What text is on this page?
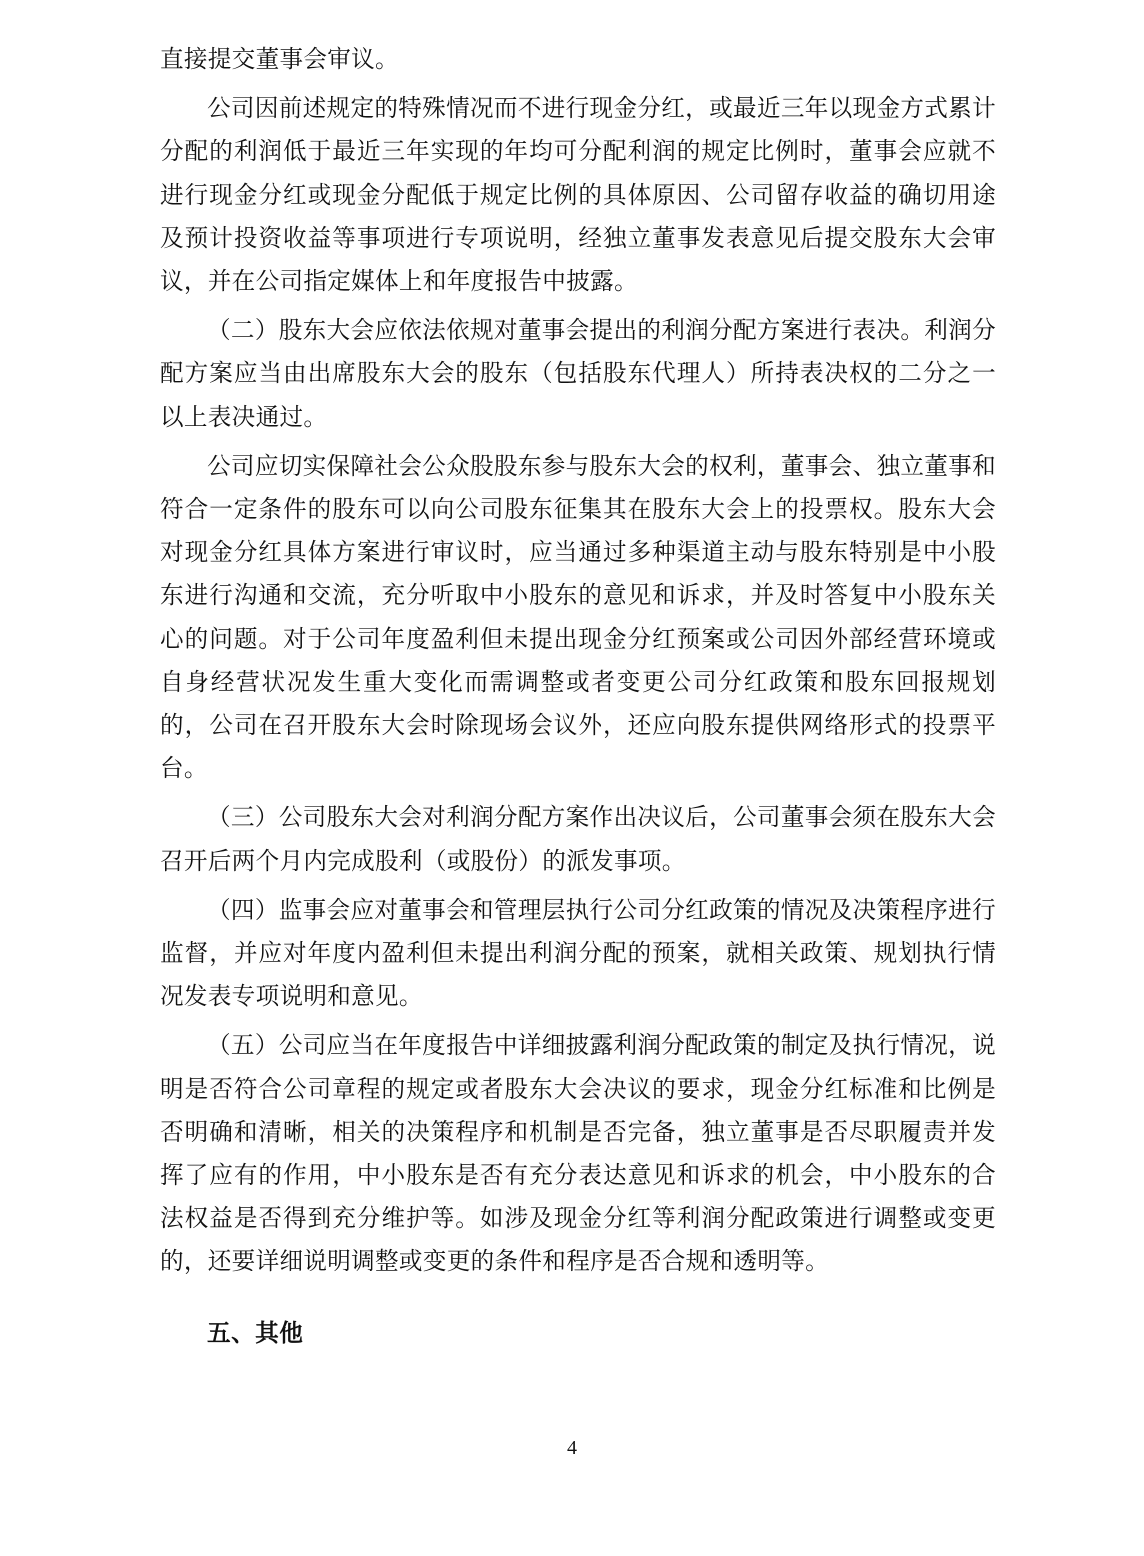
直接提交董事会审议。

公司因前述规定的特殊情况而不进行现金分红，或最近三年以现金方式累计分配的利润低于最近三年实现的年均可分配利润的规定比例时，董事会应就不进行现金分红或现金分配低于规定比例的具体原因、公司留存收益的确切用途及预计投资收益等事项进行专项说明，经独立董事发表意见后提交股东大会审议，并在公司指定媒体上和年度报告中披露。

（二）股东大会应依法依规对董事会提出的利润分配方案进行表决。利润分配方案应当由出席股东大会的股东（包括股东代理人）所持表决权的二分之一以上表决通过。

公司应切实保障社会公众股股东参与股东大会的权利，董事会、独立董事和符合一定条件的股东可以向公司股东征集其在股东大会上的投票权。股东大会对现金分红具体方案进行审议时，应当通过多种渠道主动与股东特别是中小股东进行沟通和交流，充分听取中小股东的意见和诉求，并及时答复中小股东关心的问题。对于公司年度盈利但未提出现金分红预案或公司因外部经营环境或自身经营状况发生重大变化而需调整或者变更公司分红政策和股东回报规划的，公司在召开股东大会时除现场会议外，还应向股东提供网络形式的投票平台。

（三）公司股东大会对利润分配方案作出决议后，公司董事会须在股东大会召开后两个月内完成股利（或股份）的派发事项。

（四）监事会应对董事会和管理层执行公司分红政策的情况及决策程序进行监督，并应对年度内盈利但未提出利润分配的预案，就相关政策、规划执行情况发表专项说明和意见。

（五）公司应当在年度报告中详细披露利润分配政策的制定及执行情况，说明是否符合公司章程的规定或者股东大会决议的要求，现金分红标准和比例是否明确和清晰，相关的决策程序和机制是否完备，独立董事是否尽职履责并发挥了应有的作用，中小股东是否有充分表达意见和诉求的机会，中小股东的合法权益是否得到充分维护等。如涉及现金分红等利润分配政策进行调整或变更的，还要详细说明调整或变更的条件和程序是否合规和透明等。

五、其他
4
